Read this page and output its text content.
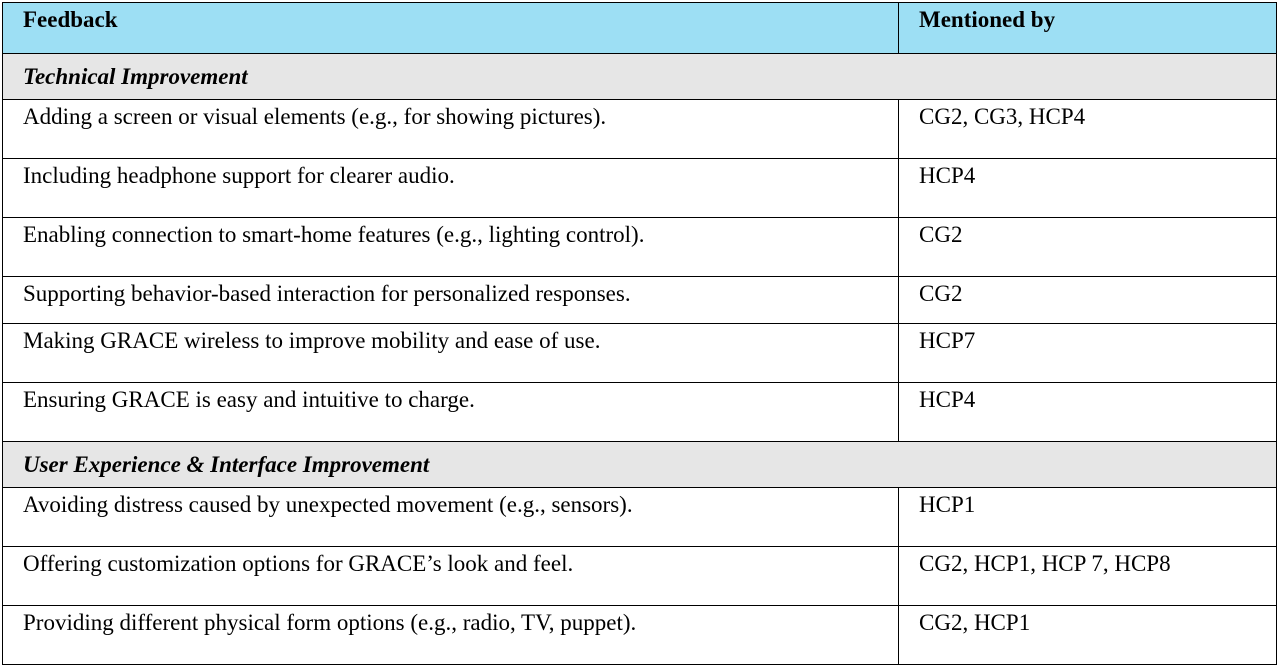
Feedback	Mentioned by
Technical Improvement	
Adding a screen or visual elements (e.g., for showing pictures).	CG2, CG3, HCP4
Including headphone support for clearer audio.	HCP4
Enabling connection to smart-home features (e.g., lighting control).	CG2
Supporting behavior-based interaction for personalized responses.	CG2
Making GRACE wireless to improve mobility and ease of use.	HCP7
Ensuring GRACE is easy and intuitive to charge.	HCP4
User Experience & Interface Improvement	
Avoiding distress caused by unexpected movement (e.g., sensors).	HCP1
Offering customization options for GRACE’s look and feel.	CG2, HCP1, HCP 7, HCP8
Providing different physical form options (e.g., radio, TV, puppet).	CG2, HCP1
